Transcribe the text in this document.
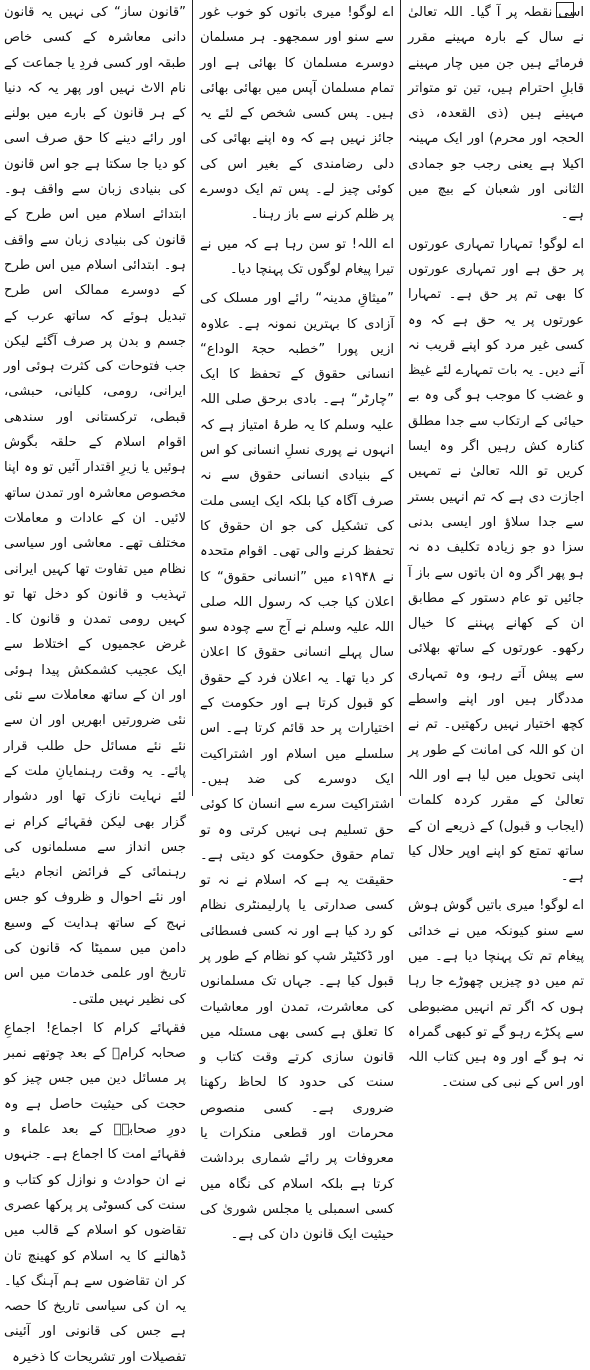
اسی نقطہ پر آ گیا۔ اللہ تعالیٰ نے سال کے بارہ مہینے مقرر فرمائے ہیں جن میں چار مہینے قابلِ احترام ہیں، تین تو متواتر مہینے ہیں (ذی القعدہ، ذی الحجہ اور محرم) اور ایک مہینہ اکیلا ہے یعنی رجب جو جمادی الثانی اور شعبان کے بیچ میں ہے۔

اے لوگو! تمہارا تمہاری عورتوں پر حق ہے اور تمہاری عورتوں کا بھی تم پر حق ہے۔ تمہارا عورتوں پر یہ حق ہے کہ وہ کسی غیر مرد کو اپنے قریب نہ آنے دیں۔ یہ بات تمہارے لئے غیظ و غضب کا موجب ہو گی وہ بے حیائی کے ارتکاب سے جدا مطلق کنارہ کش رہیں اگر وہ ایسا کریں تو اللہ تعالیٰ نے تمہیں اجازت دی ہے کہ تم انہیں بستر سے جدا سلاؤ اور ایسی بدنی سزا دو جو زیادہ تکلیف دہ نہ ہو پھر اگر وہ ان باتوں سے باز آ جائیں تو عام دستور کے مطابق ان کے کھانے پہننے کا خیال رکھو۔ عورتوں کے ساتھ بھلائی سے پیش آتے رہو، وہ تمہاری مددگار ہیں اور اپنے واسطے کچھ اختیار نہیں رکھتیں۔ تم نے ان کو اللہ کی امانت کے طور پر اپنی تحویل میں لیا ہے اور اللہ تعالیٰ کے مقرر کردہ کلمات (ایجاب و قبول) کے ذریعے ان کے ساتھ تمتع کو اپنے اوپر حلال کیا ہے۔

اے لوگو! میری باتیں گوش ہوش سے سنو کیونکہ میں نے خدائی پیغام تم تک پہنچا دیا ہے۔ میں تم میں دو چیزیں چھوڑے جا رہا ہوں کہ اگر تم انہیں مضبوطی سے پکڑے رہو گے تو کبھی گمراہ نہ ہو گے اور وہ ہیں کتاب اللہ اور اس کے نبی کی سنت۔

اے لوگو! میری باتوں کو خوب غور سے سنو اور سمجھو۔ ہر مسلمان دوسرے مسلمان کا بھائی ہے اور تمام مسلمان آپس میں بھائی بھائی ہیں۔ پس کسی شخص کے لئے یہ جائز نہیں ہے کہ وہ اپنے بھائی کی دلی رضامندی کے بغیر اس کی کوئی چیز لے۔ پس تم ایک دوسرے پر ظلم کرنے سے باز رہنا۔

اے اللہ! تو سن رہا ہے کہ میں نے تیرا پیغام لوگوں تک پہنچا دیا۔

”میثاقِ مدینہ“ رائے اور مسلک کی آزادی کا بہترین نمونہ ہے۔ علاوہ ازیں پورا ”خطبہ حجۃ الوداع“ انسانی حقوق کے تحفظ کا ایک ”چارٹر“ ہے۔ بادی برحق صلی اللہ علیہ وسلم کا یہ طرۂ امتیاز ہے کہ انہوں نے پوری نسلِ انسانی کو اس کے بنیادی انسانی حقوق سے نہ صرف آگاہ کیا بلکہ ایک ایسی ملت کی تشکیل کی جو ان حقوق کا تحفظ کرنے والی تھی۔ اقوام متحدہ نے ۱۹۴۸ء میں ”انسانی حقوق“ کا اعلان کیا جب کہ رسول اللہ صلی اللہ علیہ وسلم نے آج سے چودہ سو سال پہلے انسانی حقوق کا اعلان کر دیا تھا۔ یہ اعلان فرد کے حقوق کو قبول کرتا ہے اور حکومت کے اختیارات پر حد قائم کرتا ہے۔ اس سلسلے میں اسلام اور اشتراکیت ایک دوسرے کی ضد ہیں۔ اشتراکیت سرے سے انسان کا کوئی حق تسلیم ہی نہیں کرتی وہ تو تمام حقوق حکومت کو دیتی ہے۔ حقیقت یہ ہے کہ اسلام نے نہ تو کسی صدارتی یا پارلیمنٹری نظام کو رد کیا ہے اور نہ کسی فسطائی اور ڈکٹیٹر شپ کو نظام کے طور پر قبول کیا ہے۔ جہاں تک مسلمانوں کی معاشرت، تمدن اور معاشیات کا تعلق ہے کسی بھی مسئلہ میں قانون سازی کرتے وقت کتاب و سنت کی حدود کا لحاظ رکھنا ضروری ہے۔ کسی منصوص محرمات اور قطعی منکرات یا معروفات پر رائے شماری برداشت کرتا ہے بلکہ اسلام کی نگاہ میں کسی اسمبلی یا مجلس شوریٰ کی حیثیت ایک قانون دان کی ہے۔

”قانون ساز“ کی نہیں یہ قانون دانی معاشرہ کے کسی خاص طبقہ اور کسی فردِ یا جماعت کے نام الاٹ نہیں اور پھر یہ کہ دنیا کے ہر قانون کے بارے میں بولنے اور رائے دینے کا حق صرف اسی کو دیا جا سکتا ہے جو اس قانون کی بنیادی زبان سے واقف ہو۔ ابتدائے اسلام میں اس طرح کے قانون کی بنیادی زبان سے واقف ہو۔ ابتدائی اسلام میں اس طرح کے دوسرے ممالک اس طرح تبدیل ہوئے کہ ساتھ عرب کے جسم و بدن پر صرف آگئے لیکن جب فتوحات کی کثرت ہوئی اور ایرانی، رومی، کلیانی، حبشی، قبطی، ترکستانی اور سندھی اقوام اسلام کے حلقہ بگوش ہوئیں یا زیرِ اقتدار آئیں تو وہ اپنا مخصوص معاشرہ اور تمدن ساتھ لائیں۔ ان کے عادات و معاملات مختلف تھے۔ معاشی اور سیاسی نظام میں تفاوت تھا کہیں ایرانی تہذیب و قانون کو دخل تھا تو کہیں رومی تمدن و قانون کا۔ غرض عجمیوں کے اختلاط سے ایک عجیب کشمکش پیدا ہوئی اور ان کے ساتھ معاملات سے نئی نئی ضرورتیں ابھریں اور ان سے نئے نئے مسائل حل طلب قرار پائے۔ یہ وقت رہنمایانِ ملت کے لئے نہایت نازک تھا اور دشوار گزار بھی لیکن فقہائے کرام نے جس انداز سے مسلمانوں کی رہنمائی کے فرائض انجام دیئے اور نئے احوال و ظروف کو جس نہج کے ساتھ ہدایت کے وسیع دامن میں سمیٹا کہ قانون کی تاریخ اور علمی خدمات میں اس کی نظیر نہیں ملتی۔

فقہائے کرام کا اجماع! اجماعِ صحابہ کرامؓ کے بعد چوتھے نمبر پر مسائل دین میں جس چیز کو حجت کی حیثیت حاصل ہے وہ دورِ صحابہؓ کے بعد علماء و فقہائے امت کا اجماع ہے۔ جنہوں نے ان حوادث و نوازل کو کتاب و سنت کی کسوٹی پر پرکھا عصری تقاضوں کو اسلام کے قالب میں ڈھالنے کا یہ اسلام کو کھینچ تان کر ان تقاضوں سے ہم آہنگ کیا۔ یہ ان کی سیاسی تاریخ کا حصہ ہے جس کی قانونی اور آئینی تفصیلات اور تشریحات کا ذخیرہ
